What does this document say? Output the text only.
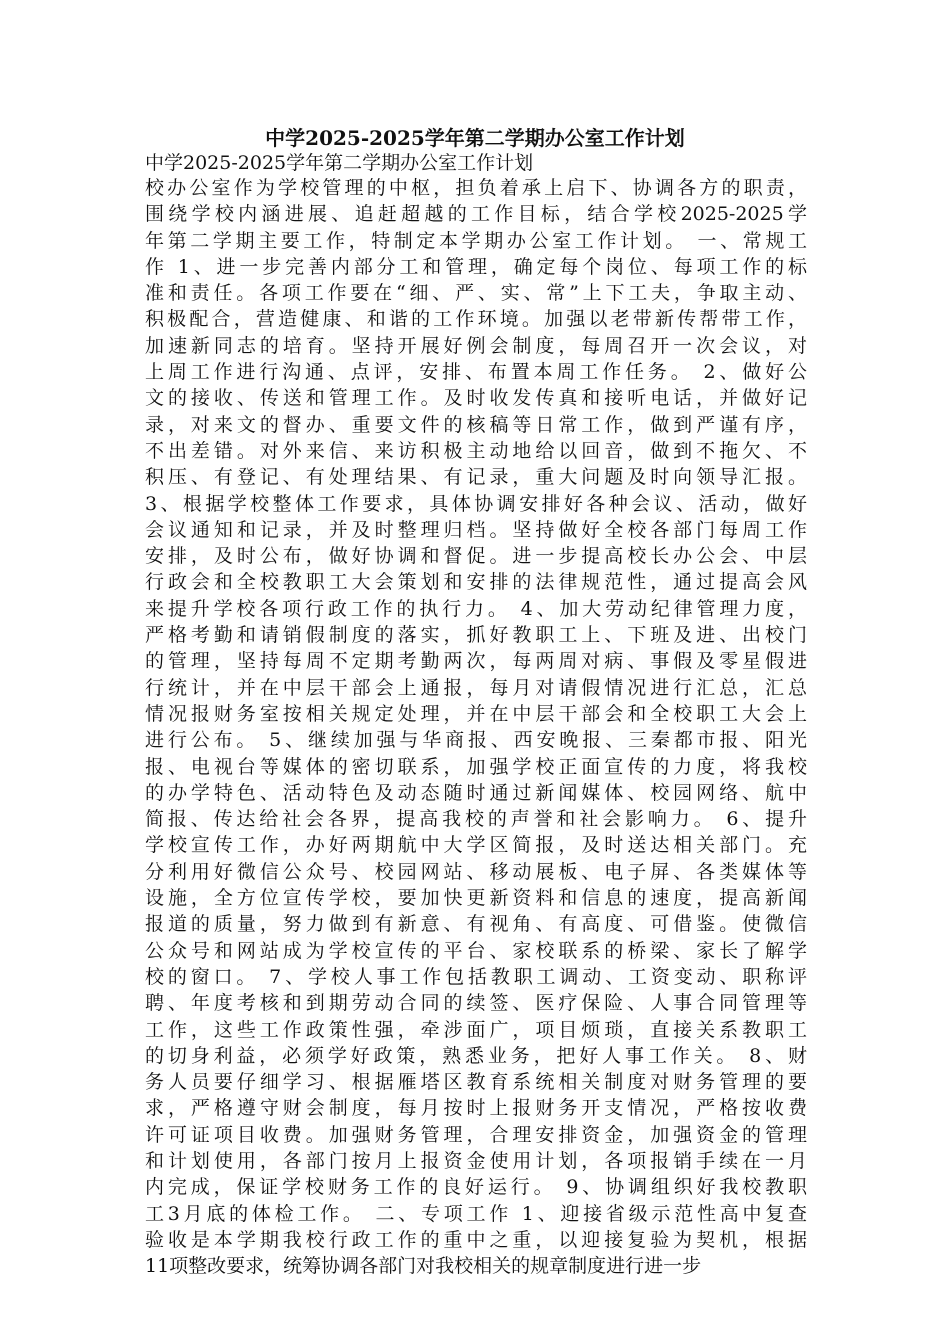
中学2025-2025学年第二学期办公室工作计划
中学2025-2025学年第二学期办公室工作计划
校办公室作为学校管理的中枢，担负着承上启下、协调各方的职责，
围绕学校内涵进展、追赶超越的工作目标，结合学校2025-2025学
年第二学期主要工作，特制定本学期办公室工作计划。 一、常规工
作 1、进一步完善内部分工和管理，确定每个岗位、每项工作的标
准和责任。各项工作要在“细、严、实、常”上下工夫，争取主动、
积极配合，营造健康、和谐的工作环境。加强以老带新传帮带工作，
加速新同志的培育。坚持开展好例会制度，每周召开一次会议，对
上周工作进行沟通、点评，安排、布置本周工作任务。 2、做好公
文的接收、传送和管理工作。及时收发传真和接听电话，并做好记
录，对来文的督办、重要文件的核稿等日常工作，做到严谨有序，
不出差错。对外来信、来访积极主动地给以回音，做到不拖欠、不
积压、有登记、有处理结果、有记录，重大问题及时向领导汇报。
3、根据学校整体工作要求，具体协调安排好各种会议、活动，做好
会议通知和记录，并及时整理归档。坚持做好全校各部门每周工作
安排，及时公布，做好协调和督促。进一步提高校长办公会、中层
行政会和全校教职工大会策划和安排的法律规范性，通过提高会风
来提升学校各项行政工作的执行力。 4、加大劳动纪律管理力度，
严格考勤和请销假制度的落实，抓好教职工上、下班及进、出校门
的管理，坚持每周不定期考勤两次，每两周对病、事假及零星假进
行统计，并在中层干部会上通报，每月对请假情况进行汇总，汇总
情况报财务室按相关规定处理，并在中层干部会和全校职工大会上
进行公布。 5、继续加强与华商报、西安晚报、三秦都市报、阳光
报、电视台等媒体的密切联系，加强学校正面宣传的力度，将我校
的办学特色、活动特色及动态随时通过新闻媒体、校园网络、航中
简报、传达给社会各界，提高我校的声誉和社会影响力。 6、提升
学校宣传工作，办好两期航中大学区简报，及时送达相关部门。充
分利用好微信公众号、校园网站、移动展板、电子屏、各类媒体等
设施，全方位宣传学校，要加快更新资料和信息的速度，提高新闻
报道的质量，努力做到有新意、有视角、有高度、可借鉴。使微信
公众号和网站成为学校宣传的平台、家校联系的桥梁、家长了解学
校的窗口。 7、学校人事工作包括教职工调动、工资变动、职称评
聘、年度考核和到期劳动合同的续签、医疗保险、人事合同管理等
工作，这些工作政策性强，牵涉面广，项目烦琐，直接关系教职工
的切身利益，必须学好政策，熟悉业务，把好人事工作关。 8、财
务人员要仔细学习、根据雁塔区教育系统相关制度对财务管理的要
求，严格遵守财会制度，每月按时上报财务开支情况，严格按收费
许可证项目收费。加强财务管理，合理安排资金，加强资金的管理
和计划使用，各部门按月上报资金使用计划，各项报销手续在一月
内完成，保证学校财务工作的良好运行。 9、协调组织好我校教职
工3月底的体检工作。 二、专项工作 1、迎接省级示范性高中复查
验收是本学期我校行政工作的重中之重，以迎接复验为契机，根据
11项整改要求，统筹协调各部门对我校相关的规章制度进行进一步
